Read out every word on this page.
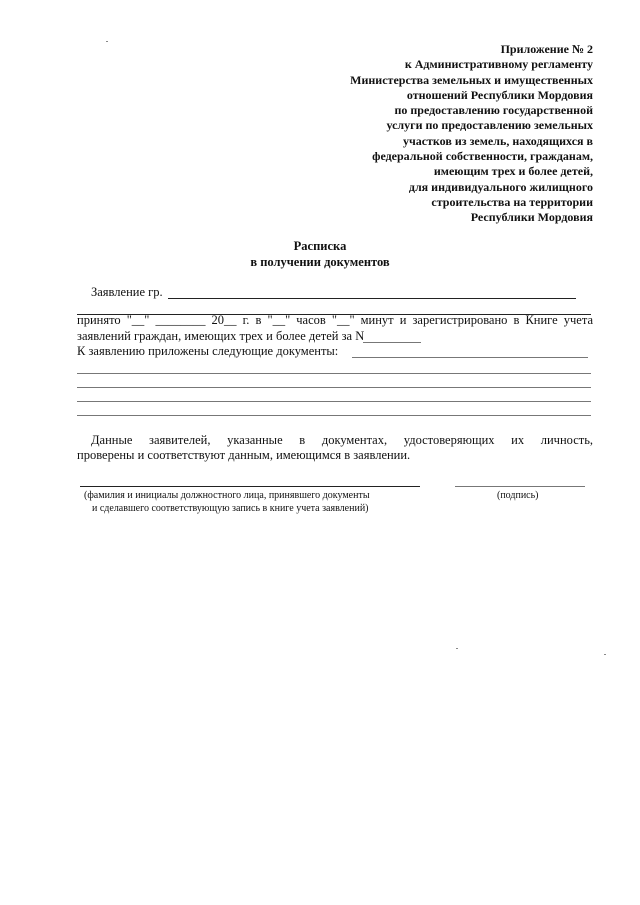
Приложение № 2
к Административному регламенту
Министерства земельных и имущественных
отношений Республики Мордовия
по предоставлению государственной
услуги по предоставлению земельных
участков из земель, находящихся в
федеральной собственности, гражданам,
имеющим трех и более детей,
для индивидуального жилищного
строительства на территории
Республики Мордовия
Расписка
в получении документов
Заявление гр.
принято "__" ________ 20__ г. в "__" часов "__" минут и зарегистрировано в Книге учета
заявлений граждан, имеющих трех и более детей за N
К заявлению приложены следующие документы:
Данные заявителей, указанные в документах, удостоверяющих их личность,
проверены и соответствуют данным, имеющимся в заявлении.
(фамилия и инициалы должностного лица, принявшего документы
и сделавшего соответствующую запись в книге учета заявлений)
(подпись)
